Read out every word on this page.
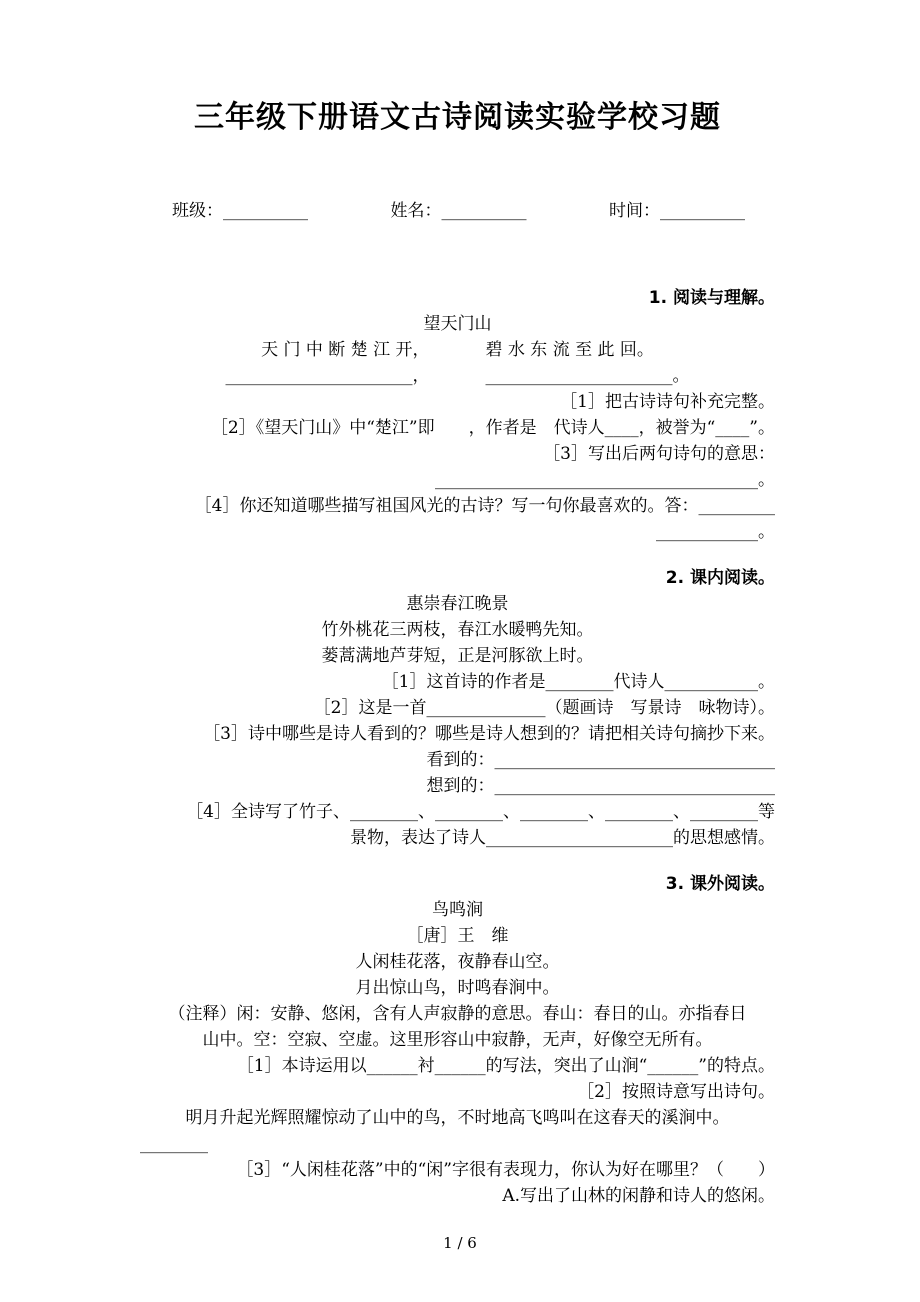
三年级下册语文古诗阅读实验学校习题
班级：__________	姓名：__________	时间：__________
1. 阅读与理解。
望天门山
天 门 中 断 楚 江 开，	碧 水 东 流 至 此 回。
______________________，	______________________。
［1］把古诗诗句补充完整。
［2］《望天门山》中“楚江”即　　，作者是　代诗人____，被誉为“____”。
［3］写出后两句诗句的意思：
______________________________________。
［4］你还知道哪些描写祖国风光的古诗？写一句你最喜欢的。答：_________
____________。
2. 课内阅读。
惠崇春江晚景
竹外桃花三两枝，春江水暖鸭先知。
蒌蒿满地芦芽短，正是河豚欲上时。
［1］这首诗的作者是________代诗人___________。
［2］这是一首______________（题画诗　写景诗　咏物诗）。
［3］诗中哪些是诗人看到的？哪些是诗人想到的？请把相关诗句摘抄下来。
看到的：_________________________________
想到的：_________________________________
［4］全诗写了竹子、________、________、________、________、________等
景物，表达了诗人______________________的思想感情。
3. 课外阅读。
鸟鸣涧
［唐］王　维
人闲桂花落，夜静春山空。
月出惊山鸟，时鸣春涧中。
（注释）闲：安静、悠闲，含有人声寂静的意思。春山：春日的山。亦指春日
山中。空：空寂、空虚。这里形容山中寂静，无声，好像空无所有。
［1］本诗运用以______衬______的写法，突出了山涧“______”的特点。
［2］按照诗意写出诗句。
明月升起光辉照耀惊动了山中的鸟，不时地高飞鸣叫在这春天的溪涧中。
________
［3］“人闲桂花落”中的“闲”字很有表现力，你认为好在哪里？（　　）
A.写出了山林的闲静和诗人的悠闲。
1 / 6
